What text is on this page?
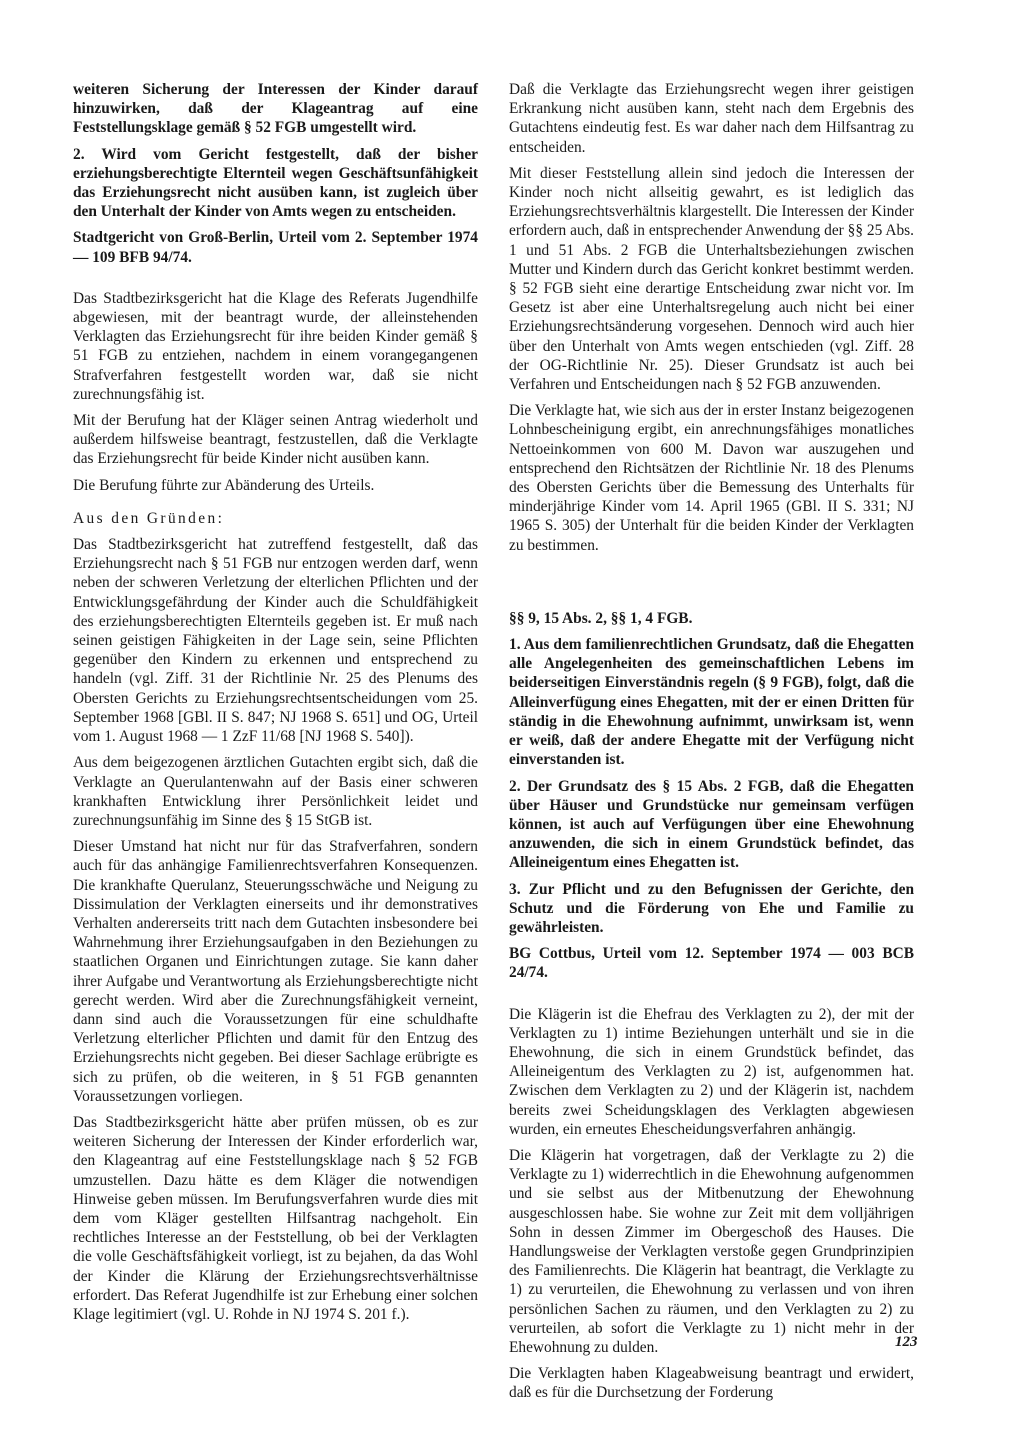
weiteren Sicherung der Interessen der Kinder darauf hinzuwirken, daß der Klageantrag auf eine Feststellungsklage gemäß § 52 FGB umgestellt wird.

2. Wird vom Gericht festgestellt, daß der bisher erziehungsberechtigte Elternteil wegen Geschäftsunfähigkeit das Erziehungsrecht nicht ausüben kann, ist zugleich über den Unterhalt der Kinder von Amts wegen zu entscheiden.

Stadtgericht von Groß-Berlin, Urteil vom 2. September 1974 — 109 BFB 94/74.

Das Stadtbezirksgericht hat die Klage des Referats Jugendhilfe abgewiesen, mit der beantragt wurde, der alleinstehenden Verklagten das Erziehungsrecht für ihre beiden Kinder gemäß § 51 FGB zu entziehen, nachdem in einem vorangegangenen Strafverfahren festgestellt worden war, daß sie nicht zurechnungsfähig ist.

Mit der Berufung hat der Kläger seinen Antrag wiederholt und außerdem hilfsweise beantragt, festzustellen, daß die Verklagte das Erziehungsrecht für beide Kinder nicht ausüben kann.

Die Berufung führte zur Abänderung des Urteils.

Aus den Gründen:

Das Stadtbezirksgericht hat zutreffend festgestellt, daß das Erziehungsrecht nach § 51 FGB nur entzogen werden darf, wenn neben der schweren Verletzung der elterlichen Pflichten und der Entwicklungsgefährdung der Kinder auch die Schuldfähigkeit des erziehungsberechtigten Elternteils gegeben ist. Er muß nach seinen geistigen Fähigkeiten in der Lage sein, seine Pflichten gegenüber den Kindern zu erkennen und entsprechend zu handeln (vgl. Ziff. 31 der Richtlinie Nr. 25 des Plenums des Obersten Gerichts zu Erziehungsrechtsentscheidungen vom 25. September 1968 [GBl. II S. 847; NJ 1968 S. 651] und OG, Urteil vom 1. August 1968 — 1 ZzF 11/68 [NJ 1968 S. 540]).

Aus dem beigezogenen ärztlichen Gutachten ergibt sich, daß die Verklagte an Querulantenwahn auf der Basis einer schweren krankhaften Entwicklung ihrer Persönlichkeit leidet und zurechnungsunfähig im Sinne des § 15 StGB ist.

Dieser Umstand hat nicht nur für das Strafverfahren, sondern auch für das anhängige Familienrechtsverfahren Konsequenzen. Die krankhafte Querulanz, Steuerungsschwäche und Neigung zu Dissimulation der Verklagten einerseits und ihr demonstratives Verhalten andererseits tritt nach dem Gutachten insbesondere bei Wahrnehmung ihrer Erziehungsaufgaben in den Beziehungen zu staatlichen Organen und Einrichtungen zutage. Sie kann daher ihrer Aufgabe und Verantwortung als Erziehungsberechtigte nicht gerecht werden. Wird aber die Zurechnungsfähigkeit verneint, dann sind auch die Voraussetzungen für eine schuldhafte Verletzung elterlicher Pflichten und damit für den Entzug des Erziehungsrechts nicht gegeben. Bei dieser Sachlage erübrigte es sich zu prüfen, ob die weiteren, in § 51 FGB genannten Voraussetzungen vorliegen.

Das Stadtbezirksgericht hätte aber prüfen müssen, ob es zur weiteren Sicherung der Interessen der Kinder erforderlich war, den Klageantrag auf eine Feststellungsklage nach § 52 FGB umzustellen. Dazu hätte es dem Kläger die notwendigen Hinweise geben müssen. Im Berufungsverfahren wurde dies mit dem vom Kläger gestellten Hilfsantrag nachgeholt. Ein rechtliches Interesse an der Feststellung, ob bei der Verklagten die volle Geschäftsfähigkeit vorliegt, ist zu bejahen, da das Wohl der Kinder die Klärung der Erziehungsrechtsverhältnisse erfordert. Das Referat Jugendhilfe ist zur Erhebung einer solchen Klage legitimiert (vgl. U. Rohde in NJ 1974 S. 201 f.).

Daß die Verklagte das Erziehungsrecht wegen ihrer geistigen Erkrankung nicht ausüben kann, steht nach dem Ergebnis des Gutachtens eindeutig fest. Es war daher nach dem Hilfsantrag zu entscheiden.

Mit dieser Feststellung allein sind jedoch die Interessen der Kinder noch nicht allseitig gewahrt, es ist lediglich das Erziehungsrechtsverhältnis klargestellt. Die Interessen der Kinder erfordern auch, daß in entsprechender Anwendung der §§ 25 Abs. 1 und 51 Abs. 2 FGB die Unterhaltsbeziehungen zwischen Mutter und Kindern durch das Gericht konkret bestimmt werden. § 52 FGB sieht eine derartige Entscheidung zwar nicht vor. Im Gesetz ist aber eine Unterhaltsregelung auch nicht bei einer Erziehungsrechtsänderung vorgesehen. Dennoch wird auch hier über den Unterhalt von Amts wegen entschieden (vgl. Ziff. 28 der OG-Richtlinie Nr. 25). Dieser Grundsatz ist auch bei Verfahren und Entscheidungen nach § 52 FGB anzuwenden.

Die Verklagte hat, wie sich aus der in erster Instanz beigezogenen Lohnbescheinigung ergibt, ein anrechnungsfähiges monatliches Nettoeinkommen von 600 M. Davon war auszugehen und entsprechend den Richtsätzen der Richtlinie Nr. 18 des Plenums des Obersten Gerichts über die Bemessung des Unterhalts für minderjährige Kinder vom 14. April 1965 (GBl. II S. 331; NJ 1965 S. 305) der Unterhalt für die beiden Kinder der Verklagten zu bestimmen.

§§ 9, 15 Abs. 2, §§ 1, 4 FGB.

1. Aus dem familienrechtlichen Grundsatz, daß die Ehegatten alle Angelegenheiten des gemeinschaftlichen Lebens im beiderseitigen Einverständnis regeln (§ 9 FGB), folgt, daß die Alleinverfügung eines Ehegatten, mit der er einen Dritten für ständig in die Ehewohnung aufnimmt, unwirksam ist, wenn er weiß, daß der andere Ehegatte mit der Verfügung nicht einverstanden ist.

2. Der Grundsatz des § 15 Abs. 2 FGB, daß die Ehegatten über Häuser und Grundstücke nur gemeinsam verfügen können, ist auch auf Verfügungen über eine Ehewohnung anzuwenden, die sich in einem Grundstück befindet, das Alleineigentum eines Ehegatten ist.

3. Zur Pflicht und zu den Befugnissen der Gerichte, den Schutz und die Förderung von Ehe und Familie zu gewährleisten.

BG Cottbus, Urteil vom 12. September 1974 — 003 BCB 24/74.

Die Klägerin ist die Ehefrau des Verklagten zu 2), der mit der Verklagten zu 1) intime Beziehungen unterhält und sie in die Ehewohnung, die sich in einem Grundstück befindet, das Alleineigentum des Verklagten zu 2) ist, aufgenommen hat. Zwischen dem Verklagten zu 2) und der Klägerin ist, nachdem bereits zwei Scheidungsklagen des Verklagten abgewiesen wurden, ein erneutes Ehescheidungsverfahren anhängig.

Die Klägerin hat vorgetragen, daß der Verklagte zu 2) die Verklagte zu 1) widerrechtlich in die Ehewohnung aufgenommen und sie selbst aus der Mitbenutzung der Ehewohnung ausgeschlossen habe. Sie wohne zur Zeit mit dem volljährigen Sohn in dessen Zimmer im Obergeschoß des Hauses. Die Handlungsweise der Verklagten verstoße gegen Grundprinzipien des Familienrechts. Die Klägerin hat beantragt, die Verklagte zu 1) zu verurteilen, die Ehewohnung zu verlassen und von ihren persönlichen Sachen zu räumen, und den Verklagten zu 2) zu verurteilen, ab sofort die Verklagte zu 1) nicht mehr in der Ehewohnung zu dulden.

Die Verklagten haben Klageabweisung beantragt und erwidert, daß es für die Durchsetzung der Forderung

123
